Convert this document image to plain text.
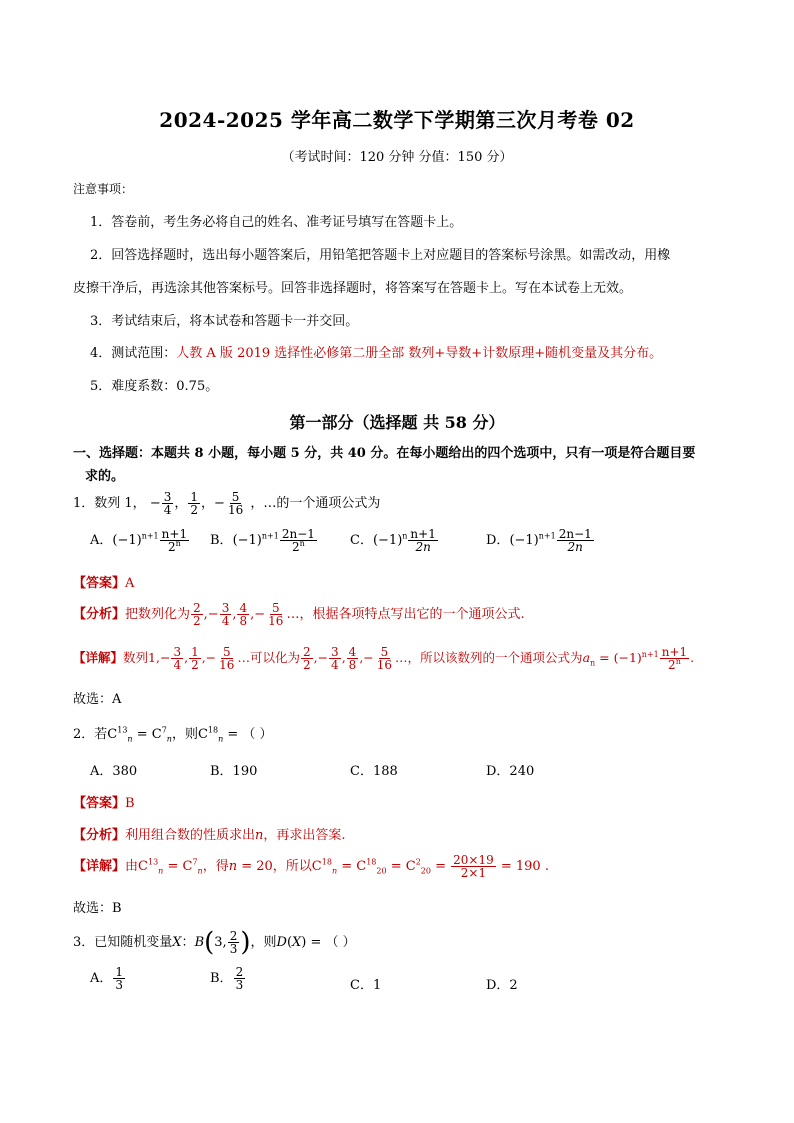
2024-2025 学年高二数学下学期第三次月考卷 02
（考试时间：120 分钟 分值：150 分）
注意事项：
1．答卷前，考生务必将自己的姓名、准考证号填写在答题卡上。
2．回答选择题时，选出每小题答案后，用铅笔把答题卡上对应题目的答案标号涂黑。如需改动，用橡
皮擦干净后，再选涂其他答案标号。回答非选择题时，将答案写在答题卡上。写在本试卷上无效。
3．考试结束后，将本试卷和答题卡一并交回。
4．测试范围：人教 A 版 2019 选择性必修第二册全部 数列+导数+计数原理+随机变量及其分布。
5．难度系数：0.75。
第一部分（选择题 共 58 分）
一、选择题：本题共 8 小题，每小题 5 分，共 40 分。在每小题给出的四个选项中，只有一项是符合题目要
求的。
1．数列 1， − $\frac{3}{4}$ ， $\frac{1}{2}$ ，− $\frac{5}{16}$ ，…的一个通项公式为
A．$(-1)^{n+1} \frac{n+1}{2^n}$ B．$(-1)^{n+1} \frac{2n-1}{2^n}$	C．$(-1)^n \frac{n+1}{2n}$	D．$(-1)^{n+1} \frac{2n-1}{2n}$
【答案】A
【分析】把数列化为 $\frac{2}{2}$ ,− $\frac{3}{4}$ , $\frac{4}{8}$ ,− $\frac{5}{16}$ …，根据各项特点写出它的一个通项公式.
【详解】数列$1,- \frac{3}{4}$ , $\frac{1}{2}$ ,− $\frac{5}{16}$ …可以化为 $\frac{2}{2}$ ,− $\frac{3}{4}$ , $\frac{4}{8}$ ,− $\frac{5}{16}$ …，所以该数列的一个通项公式为$a_n = (-1)^{n+1} \frac{n+1}{2^n}$ .
故选：A
2．若$C^{13}_n = C^7_n$，则$C^{18}_n$ = （ ）
A．380	B．190	C．188	D．240
【答案】B
【分析】利用组合数的性质求出n，再求出答案.
【详解】由$C^{13}_n = C^7_n$，得n = 20，所以$C^{18}_n = C^{18}_{20} = C^2_{20} = \frac{20\times 19}{2\times 1} = 190$ .
故选：B
3．已知随机变量X：B(3, $\frac{2}{3}$ )，则D(X) = （ ）
A． $\frac{1}{3}$	B． $\frac{2}{3}$	C．1	D．2
